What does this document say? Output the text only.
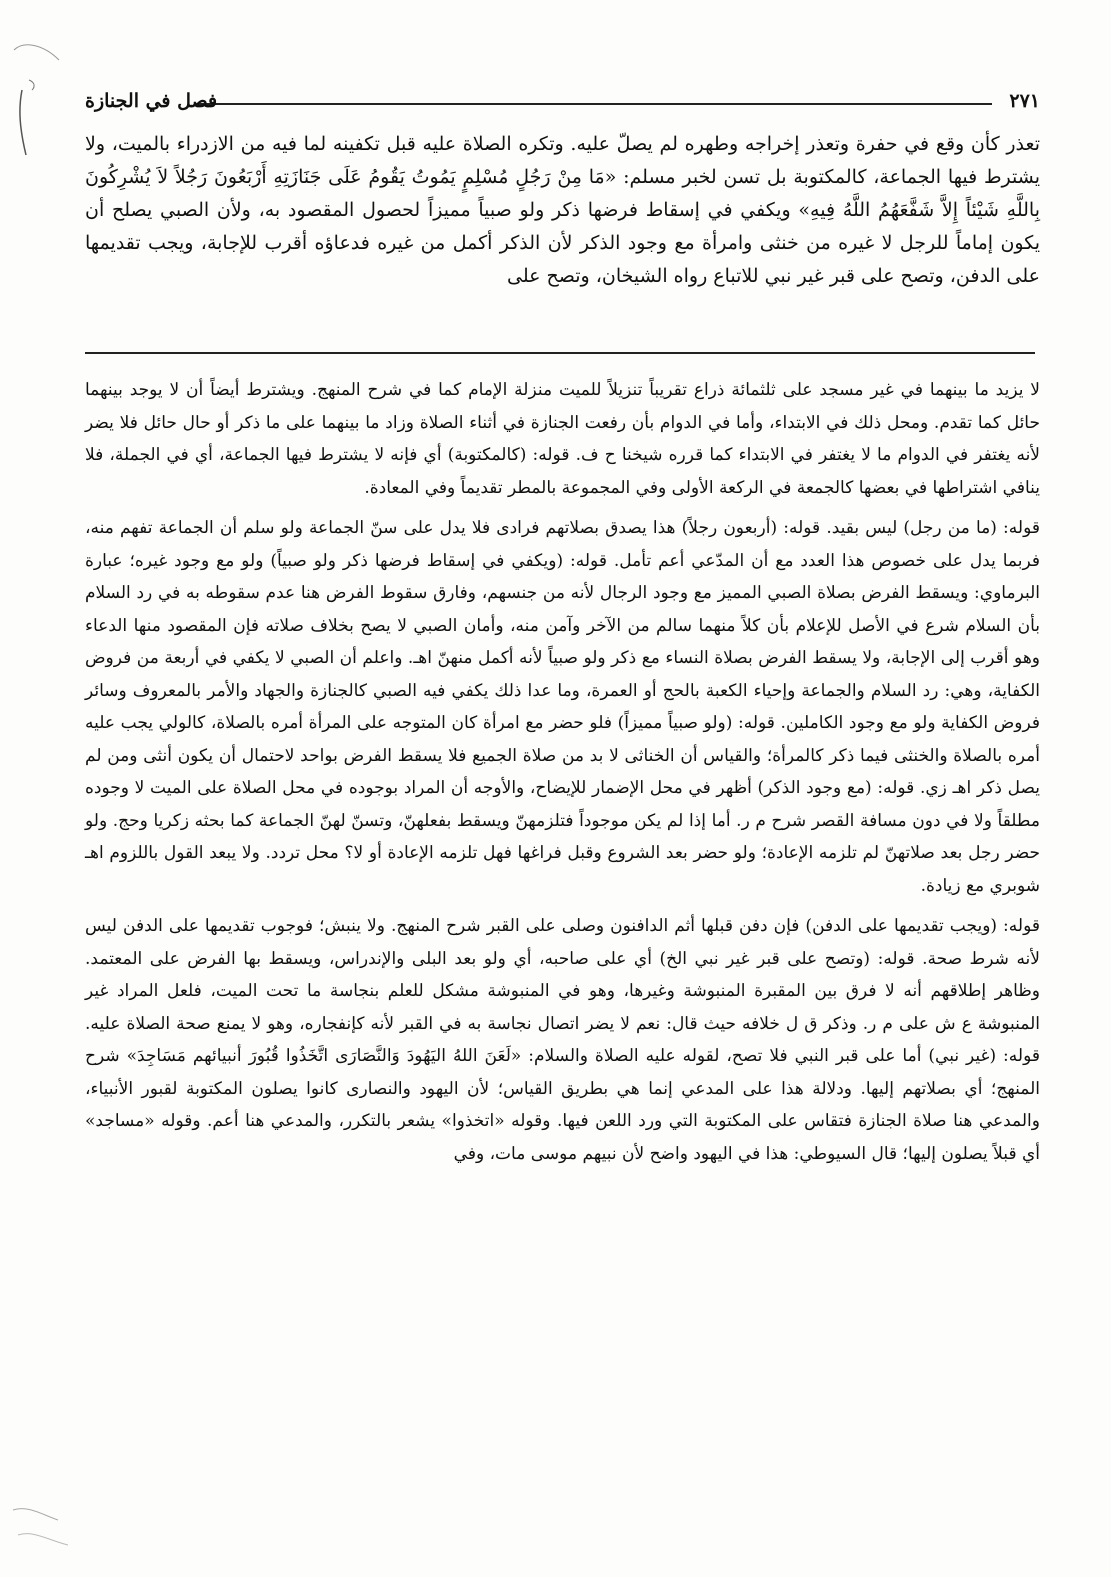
٢٧١
فصل في الجنازة

تعذر كأن وقع في حفرة وتعذر إخراجه وطهره لم يصلّ عليه. وتكره الصلاة عليه قبل تكفينه لما فيه من الازدراء بالميت، ولا يشترط فيها الجماعة، كالمكتوبة بل تسن لخبر مسلم: «مَا مِنْ رَجُلٍ مُسْلِمٍ يَمُوتُ يَقُومُ عَلَى جَنَازَتِهِ أَرْبَعُونَ رَجُلاً لاَ يُشْرِكُونَ بِاللَّهِ شَيْئاً إِلاَّ شَفَّعَهُمُ اللَّهُ فِيهِ» ويكفي في إسقاط فرضها ذكر ولو صبياً مميزاً لحصول المقصود به، ولأن الصبي يصلح أن يكون إماماً للرجل لا غيره من خنثى وامرأة مع وجود الذكر لأن الذكر أكمل من غيره فدعاؤه أقرب للإجابة، ويجب تقديمها على الدفن، وتصح على قبر غير نبي للاتباع رواه الشيخان، وتصح على

لا يزيد ما بينهما في غير مسجد على ثلثمائة ذراع تقريباً تنزيلاً للميت منزلة الإمام كما في شرح المنهج. ويشترط أيضاً أن لا يوجد بينهما حائل كما تقدم. ومحل ذلك في الابتداء، وأما في الدوام بأن رفعت الجنازة في أثناء الصلاة وزاد ما بينهما على ما ذكر أو حال حائل فلا يضر لأنه يغتفر في الدوام ما لا يغتفر في الابتداء كما قرره شيخنا ح ف. قوله: (كالمكتوبة) أي فإنه لا يشترط فيها الجماعة، أي في الجملة، فلا ينافي اشتراطها في بعضها كالجمعة في الركعة الأولى وفي المجموعة بالمطر تقديماً وفي المعادة.

قوله: (ما من رجل) ليس بقيد. قوله: (أربعون رجلاً) هذا يصدق بصلاتهم فرادى فلا يدل على سنّ الجماعة ولو سلم أن الجماعة تفهم منه، فربما يدل على خصوص هذا العدد مع أن المدّعي أعم تأمل. قوله: (ويكفي في إسقاط فرضها ذكر ولو صبياً) ولو مع وجود غيره؛ عبارة البرماوي: ويسقط الفرض بصلاة الصبي المميز مع وجود الرجال لأنه من جنسهم، وفارق سقوط الفرض هنا عدم سقوطه به في رد السلام بأن السلام شرع في الأصل للإعلام بأن كلاً منهما سالم من الآخر وآمن منه، وأمان الصبي لا يصح بخلاف صلاته فإن المقصود منها الدعاء وهو أقرب إلى الإجابة، ولا يسقط الفرض بصلاة النساء مع ذكر ولو صبياً لأنه أكمل منهنّ اهـ. واعلم أن الصبي لا يكفي في أربعة من فروض الكفاية، وهي: رد السلام والجماعة وإحياء الكعبة بالحج أو العمرة، وما عدا ذلك يكفي فيه الصبي كالجنازة والجهاد والأمر بالمعروف وسائر فروض الكفاية ولو مع وجود الكاملين. قوله: (ولو صبياً مميزاً) فلو حضر مع امرأة كان المتوجه على المرأة أمره بالصلاة، كالولي يجب عليه أمره بالصلاة والخنثى فيما ذكر كالمرأة؛ والقياس أن الخناثى لا بد من صلاة الجميع فلا يسقط الفرض بواحد لاحتمال أن يكون أنثى ومن لم يصل ذكر اهـ زي. قوله: (مع وجود الذكر) أظهر في محل الإضمار للإيضاح، والأوجه أن المراد بوجوده في محل الصلاة على الميت لا وجوده مطلقاً ولا في دون مسافة القصر شرح م ر. أما إذا لم يكن موجوداً فتلزمهنّ ويسقط بفعلهنّ، وتسنّ لهنّ الجماعة كما بحثه زكريا وحج. ولو حضر رجل بعد صلاتهنّ لم تلزمه الإعادة؛ ولو حضر بعد الشروع وقبل فراغها فهل تلزمه الإعادة أو لا؟ محل تردد. ولا يبعد القول باللزوم اهـ شوبري مع زيادة.

قوله: (ويجب تقديمها على الدفن) فإن دفن قبلها أثم الدافنون وصلى على القبر شرح المنهج. ولا ينبش؛ فوجوب تقديمها على الدفن ليس لأنه شرط صحة. قوله: (وتصح على قبر غير نبي الخ) أي على صاحبه، أي ولو بعد البلى والإندراس، ويسقط بها الفرض على المعتمد. وظاهر إطلاقهم أنه لا فرق بين المقبرة المنبوشة وغيرها، وهو في المنبوشة مشكل للعلم بنجاسة ما تحت الميت، فلعل المراد غير المنبوشة ع ش على م ر. وذكر ق ل خلافه حيث قال: نعم لا يضر اتصال نجاسة به في القبر لأنه كإنفجاره، وهو لا يمنع صحة الصلاة عليه. قوله: (غير نبي) أما على قبر النبي فلا تصح، لقوله عليه الصلاة والسلام: «لَعَنَ اللهُ اليَهُودَ وَالنَّصَارَى اتَّخَذُوا قُبُورَ أنبيائهم مَسَاجِدَ» شرح المنهج؛ أي بصلاتهم إليها. ودلالة هذا على المدعي إنما هي بطريق القياس؛ لأن اليهود والنصارى كانوا يصلون المكتوبة لقبور الأنبياء، والمدعي هنا صلاة الجنازة فتقاس على المكتوبة التي ورد اللعن فيها. وقوله «اتخذوا» يشعر بالتكرر، والمدعي هنا أعم. وقوله «مساجد» أي قبلاً يصلون إليها؛ قال السيوطي: هذا في اليهود واضح لأن نبيهم موسى مات، وفي
